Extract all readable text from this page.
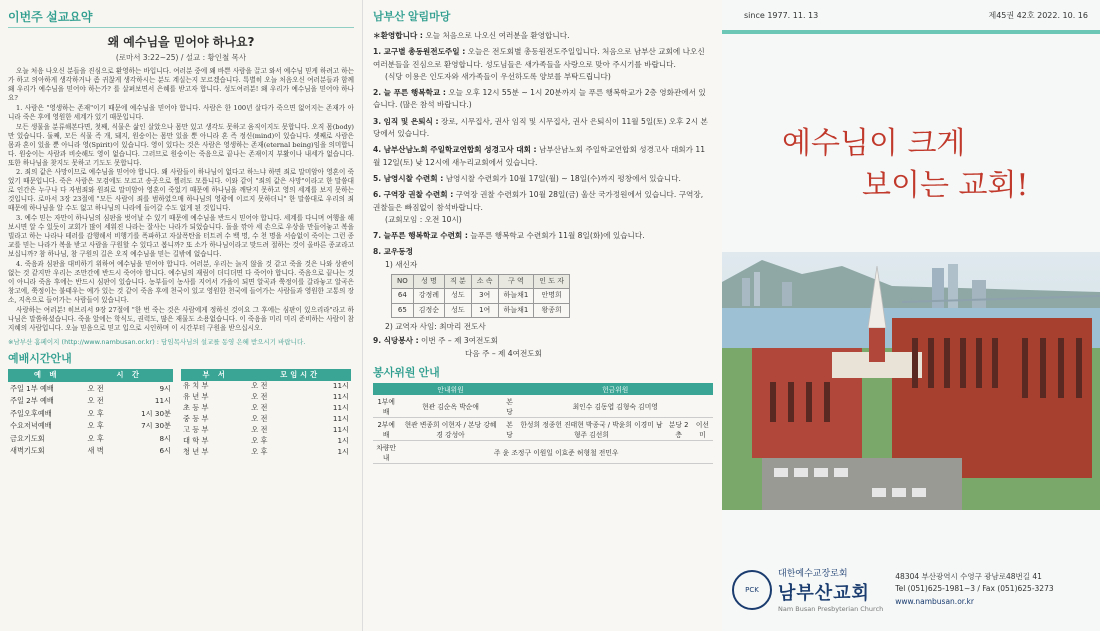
이번주 설교요약
왜 예수님을 믿어야 하나요?
(로마서 3:22~25) / 설교 : 황인철 목사

오늘 처음 나오신 분들을 진심으로 환영하는 바입니다. 여러분 중에 왜 바쁜 사람을 끌고 와서 예수님 믿게 하려고 하는가 하고 의아하게 생각하거나 좀 귀찮게 생각하시는 분도 계실는지 모르겠습니다. 특별히 오늘 처음오신 여러분들과 함께 왜 우리가 예수님을 믿어야 하는가? 를 살펴보면서 은혜를 받고자 합니다. 성도여러분! 왜 우리가 예수님을 믿어야 하나요?

1. 사람은 "영생하는 존재"이기 때문에 예수님을 믿어야 합니다. 사람은 한 100년 살다가 죽으면 없어지는 존재가 아니라 죽은 후에 영원한 세계가 있기 때문입니다.

모든 생물을 분류해본다면, 첫째, 식물은 삶인 살았으나 몸만 있고 생각도 못하고 움직이지도 못합니다. 오직 몸(body)만 있습니다. 둘째, 모든 식물 즉 개, 돼지, 원숭이는 몸만 있을 뿐 아니라 혼 즉 정신(mind)이 있습니다. 셋째로 사람은 몸과 혼이 있을 뿐 아니라 영(Spirit)이 있습니다. 영이 있다는 것은 사람은 영생하는 존재(eternal being)임을 의미합니다. 원숭이는 사람과 비슷해도 영이 없습니다. 그러므로 원숭이는 죽음으로 끝나는 존재이지 부활이나 내세가 없습니다. 또한 하나님을 찾지도 못하고 기도도 못합니다.

2. 죄의 값은 사망이므로 예수님을 믿어야 합니다. 왜 사람들이 하나님이 없다고 하느냐 하면 죄로 말미암아 영혼이 죽었기 때문입니다. 죽은 사람은 모검에도 모르고 송곳으로 찔러도 모릅니다. 이와 같이 "죄의 값은 사망"이라고 한 말씀대로 인간은 누구나 다 자범죄와 원죄로 말미암아 영혼이 죽었기 때문에 하나님을 깨닫지 못하고 영의 세계를 보지 못하는 것입니다. 로마서 3장 23절에 "모든 사람이 죄를 범하였으매 하나님의 영광에 이르지 못하더니" 한 말씀대로 우리의 죄 때문에 하나님을 알 수도 없고 하나님의 나라에 들어갈 수도 없게 된 것입니다.

3. 예수 믿는 자만이 하나님의 심판을 벗어날 수 있기 때문에 예수님을 반드시 믿어야 합니다. 세계를 다니며 여행을 해보시면 알 수 있듯이 교회가 많이 세워진 나라는 잘사는 나라가 되었습니다. 돌을 깎아 세 손으로 우상을 만들어놓고 복을 빌라고 하는 나라나 테러를 감행해서 비행기를 폭파하고 자살폭탄을 터트려 수 백 명, 수 천 명을 서슴없이 죽이는 그런 종교를 믿는 나라가 복을 받고 사람을 구원할 수 있다고 봅니까? 또 소가 하나님이라고 맞드려 절하는 것이 올바른 종교라고 보십니까? 참 하나님, 참 구원의 길은 오직 예수님을 믿는 길밖에 없습니다.

4. 죽음과 심판을 대비하기 위하여 예수님을 믿어야 합니다. 여러분, 우리는 늙지 않을 것 같고 죽을 것은 나와 상관이 없는 것 같지만 우리는 조만간에 반드시 죽어야 합니다. 예수님의 재림이 더디더면 다 죽어야 합니다. 죽음으로 끝나는 것이 아니라 죽음 후에는 반드시 심판이 있습니다. 농부들이 농사를 지어서 가을이 되면 알곡과 쭉정이를 갈라놓고 알곡은 창고에, 쭉정이는 불태우는 예가 있는 것 같이 죽음 후에 천국이 있고 영원한 천국에 들어가는 사람들과 영원한 고통의 장소, 지옥으로 들어가는 사람들이 있습니다.

사랑하는 여러분! 히브리서 9장 27절에 "한 번 죽는 것은 사람에게 정하신 것이요 그 후에는 심판이 있으리라"라고 하나님은 말씀하셨습니다. 죽을 앞에는 학식도, 권력도, 많은 재물도 소용없습니다. 이 죽음을 미리 미리 준비하는 사람이 참 지혜의 사람입니다. 오늘 믿음으로 믿고 입으로 시인하며 이 시간부터 구원을 받으십시오.

※남부산 홈페이지 (http://www.nambusan.or.kr) : 담임목사님의 설교를 동영 은혜 받으시기 바랍니다.
예배시간안내
예 배	시 간	
주일 1부 예배	오 전	9시
주일 2부 예배	오 전	11시
주일오후예배	오 후	1시 30분
수요저녁예배	오 후	7시 30분
금요기도회	오 후	8시
새벽기도회	새 벽	6시
부 서	모임시간	
유 치 부	오 전	11시
유 년 부	오 전	11시
초 등 부	오 전	11시
중 등 부	오 전	11시
고 등 부	오 전	11시
대 학 부	오 후	1시
청 년 부	오 후	1시
남부산 알림마당
＊환영합니다 : 오늘 처음으로 나오신 여러분을 환영합니다.
1. 교구별 총동원전도주일 : 오늘은 전도회별 총동원전도주일입니다. 처음으로 남부산 교회에 나오신 여러분들을 진심으로 환영합니다. 성도님들은 새가족들을 사랑으로 맞아 주시기를 바랍니다.
(식당 이용은 인도자와 새가족들이 우선하도록 양보를 부탁드립니다)
2. 늘 푸른 행복학교 : 오늘 오후 12시 55분 ~ 1시 20분까지 늘 푸른 행복학교가 2층 영화관에서 있습니다. (많은 참석 바랍니다.)
3. 임직 및 은퇴식 : 장로, 시무집사, 권사 임직 및 시무집사, 권사 은퇴식이 11월 5일(토) 오후 2시 본당에서 있습니다.
4. 남부산남노회 주일학교연합회 성경고사 대회 : 남부산남노회 주일학교연합회 성경고사 대회가 11월 12일(토) 낮 12시에 새누리교회에서 있습니다.
5. 남영시찰 수련회 : 남영시찰 수련회가 10월 17일(월) ~ 18일(수)까지 평창에서 있습니다.
6. 구역장 권찰 수련회 : 구역장 권찰 수련회가 10월 28일(금) 울산 국가정원에서 있습니다. 구역장, 권찰들은 빠짐없이 참석바랍니다.
(교회모임 : 오전 10시)
7. 늘푸른 행복학교 수련회 : 늘푸른 행복학교 수련회가 11월 8일(화)에 있습니다.
8. 교우동정
1) 새신자
NO	성 명	직 분	소 속	구 역	인 도 자
64	강정례	성도	3여	하늘채1	안명희
65	김정순	성도	1여	하늘채1	왕종희
2) 교역자 사임: 최마리 전도사
9. 식당봉사 : 이번 주 – 제 3여전도회
다음 주 – 제 4여전도회
봉사위원 안내
	안내위원		헌금위원		
1부예배	현관 김순옥 박순애	본당	최인수 김동엽 김형숙 김미영		
2부예배	현관 변종희 이현자 / 본당 강혜경 강성아	본당	한성희 정종헌 진태현 박종국 / 박윤희 이경미 남형주 김선희	분당 2층	이선미
차량안내	주 윤 조정구 이원일 이효준 허형철 전민우				
since 1977. 11. 13	제45권 42호 2022. 10. 16
예수님이 크게
보이는 교회!
PCK
대한예수교장로회
남부산교회
Nam Busan Presbyterian Church
48304 부산광역시 수영구 광남로48번길 41
Tel (051)625-1981~3 / Fax (051)625-3273
www.nambusan.or.kr
